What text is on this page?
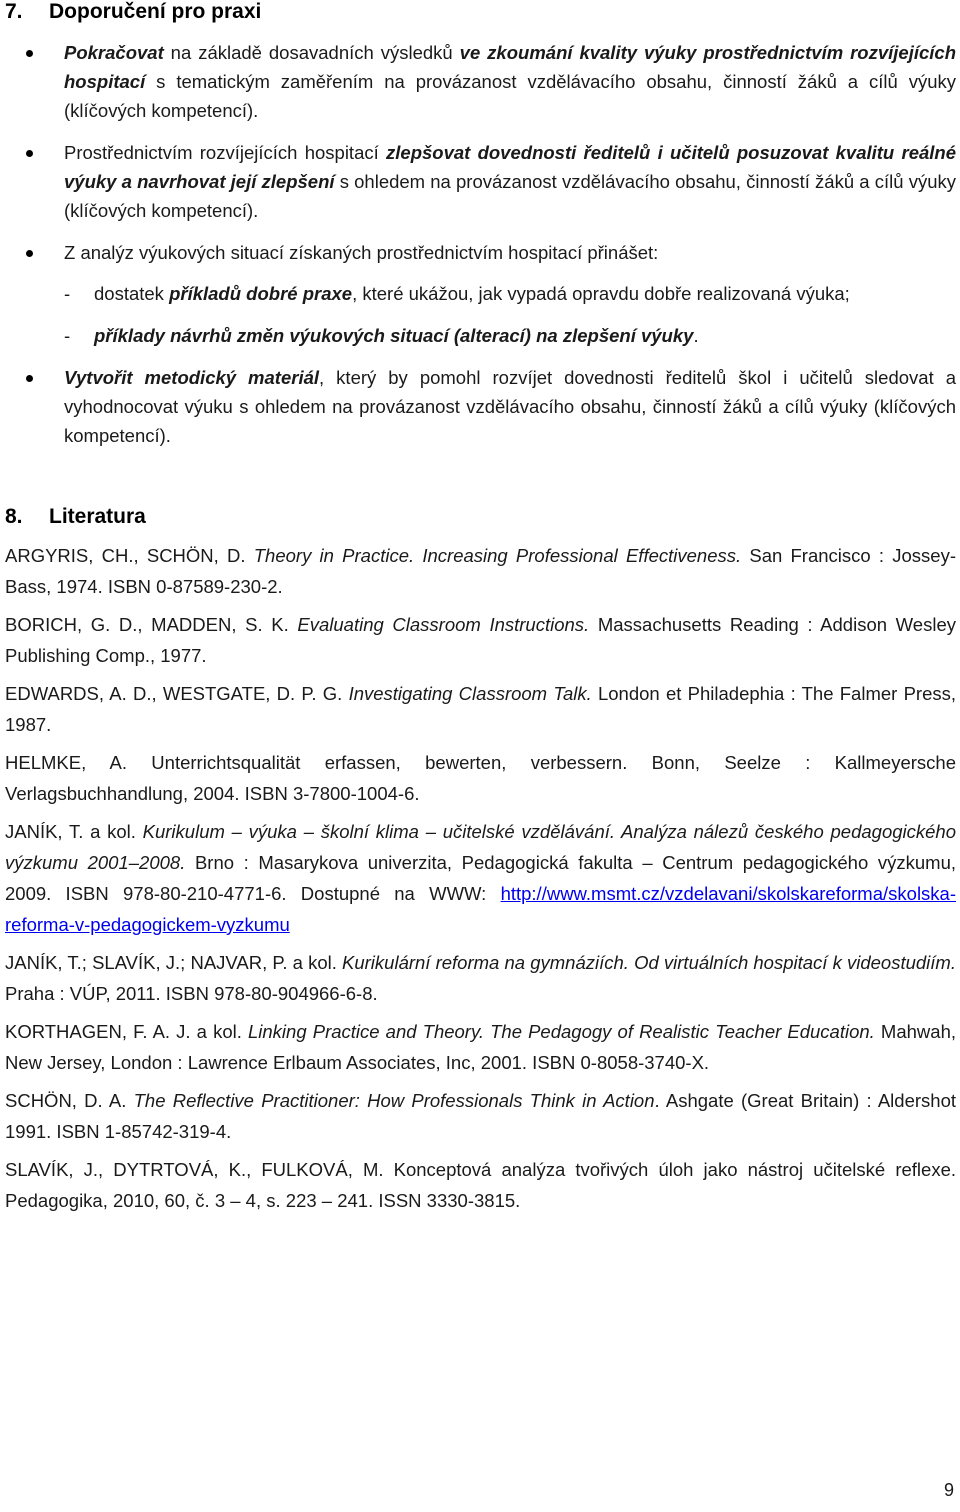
7. Doporučení pro praxi
Pokračovat na základě dosavadních výsledků ve zkoumání kvality výuky prostřednictvím rozvíjejících hospitací s tematickým zaměřením na provázanost vzdělávacího obsahu, činností žáků a cílů výuky (klíčových kompetencí).
Prostřednictvím rozvíjejících hospitací zlepšovat dovednosti ředitelů i učitelů posuzovat kvalitu reálné výuky a navrhovat její zlepšení s ohledem na provázanost vzdělávacího obsahu, činností žáků a cílů výuky (klíčových kompetencí).
Z analýz výukových situací získaných prostřednictvím hospitací přinášet:
- dostatek příkladů dobré praxe, které ukážou, jak vypadá opravdu dobře realizovaná výuka;
- příklady návrhů změn výukových situací (alterací) na zlepšení výuky.
Vytvořit metodický materiál, který by pomohl rozvíjet dovednosti ředitelů škol i učitelů sledovat a vyhodnocovat výuku s ohledem na provázanost vzdělávacího obsahu, činností žáků a cílů výuky (klíčových kompetencí).
8. Literatura

ARGYRIS, CH., SCHÖN, D. Theory in Practice. Increasing Professional Effectiveness. San Francisco : Jossey-Bass, 1974. ISBN 0-87589-230-2.

BORICH, G. D., MADDEN, S. K. Evaluating Classroom Instructions. Massachusetts Reading : Addison Wesley Publishing Comp., 1977.

EDWARDS, A. D., WESTGATE, D. P. G. Investigating Classroom Talk. London et Philadephia : The Falmer Press, 1987.

HELMKE, A. Unterrichtsqualität erfassen, bewerten, verbessern. Bonn, Seelze : Kallmeyersche Verlagsbuchhandlung, 2004. ISBN 3-7800-1004-6.

JANÍK, T. a kol. Kurikulum – výuka – školní klima – učitelské vzdělávání. Analýza nálezů českého pedagogického výzkumu 2001–2008. Brno : Masarykova univerzita, Pedagogická fakulta – Centrum pedagogického výzkumu, 2009. ISBN 978-80-210-4771-6. Dostupné na WWW: http://www.msmt.cz/vzdelavani/skolskareforma/skolska-reforma-v-pedagogickem-vyzkumu

JANÍK, T.; SLAVÍK, J.; NAJVAR, P. a kol. Kurikulární reforma na gymnáziích. Od virtuálních hospitací k videostudiím. Praha : VÚP, 2011. ISBN 978-80-904966-6-8.

KORTHAGEN, F. A. J. a kol. Linking Practice and Theory. The Pedagogy of Realistic Teacher Education. Mahwah, New Jersey, London : Lawrence Erlbaum Associates, Inc, 2001. ISBN 0-8058-3740-X.

SCHÖN, D. A. The Reflective Practitioner: How Professionals Think in Action. Ashgate (Great Britain) : Aldershot 1991. ISBN 1-85742-319-4.

SLAVÍK, J., DYTRTOVÁ, K., FULKOVÁ, M. Konceptová analýza tvořivých úloh jako nástroj učitelské reflexe. Pedagogika, 2010, 60, č. 3 – 4, s. 223 – 241. ISSN 3330-3815.

9
